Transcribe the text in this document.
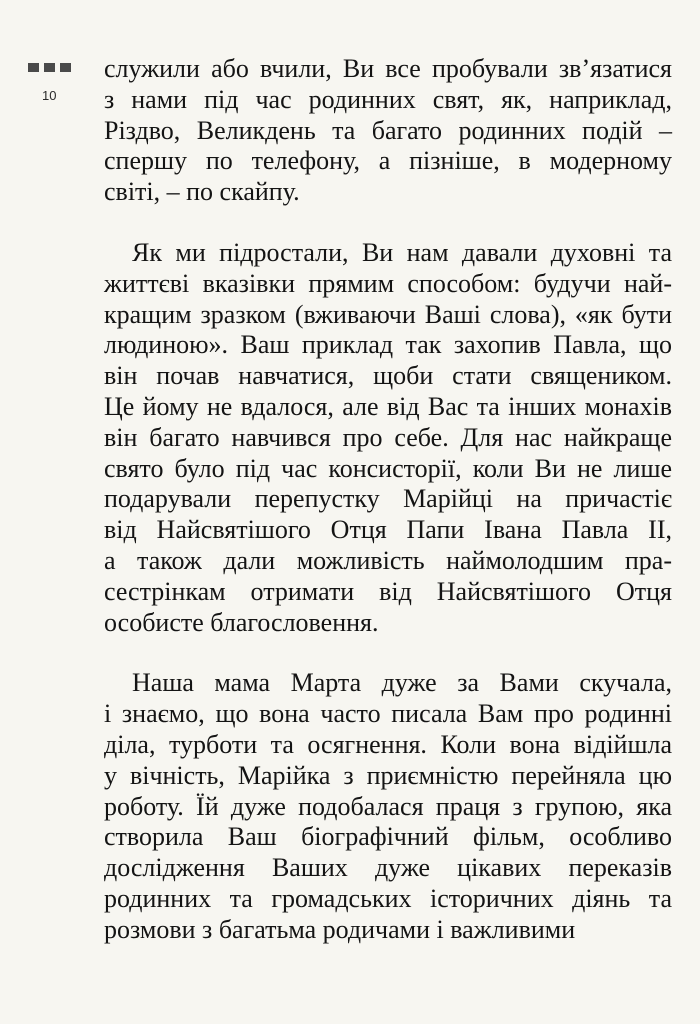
10

служили або вчили, Ви все пробували зв’язатися
з нами під час родинних свят, як, наприклад,
Різдво, Великдень та багато родинних подій –
спершу по телефону, а пізніше, в модерному
світі, – по скайпу.

Як ми підростали, Ви нам давали духовні та
життєві вказівки прямим способом: будучи най-
кращим зразком (вживаючи Ваші слова), «як бути
людиною». Ваш приклад так захопив Павла, що
він почав навчатися, щоби стати священиком.
Це йому не вдалося, але від Вас та інших монахів
він багато навчився про себе. Для нас найкраще
свято було під час консисторії, коли Ви не лише
подарували перепустку Марійці на причастіє
від Найсвятішого Отця Папи Івана Павла II,
а також дали можливість наймолодшим пра-
сестрінкам отримати від Найсвятішого Отця
особисте благословення.

Наша мама Марта дуже за Вами скучала,
і знаємо, що вона часто писала Вам про родинні
діла, турботи та осягнення. Коли вона відійшла
у вічність, Марійка з приємністю перейняла цю
роботу. Їй дуже подобалася праця з групою, яка
створила Ваш біографічний фільм, особливо
дослідження Ваших дуже цікавих переказів
родинних та громадських історичних діянь та
розмови з багатьма родичами і важливими
